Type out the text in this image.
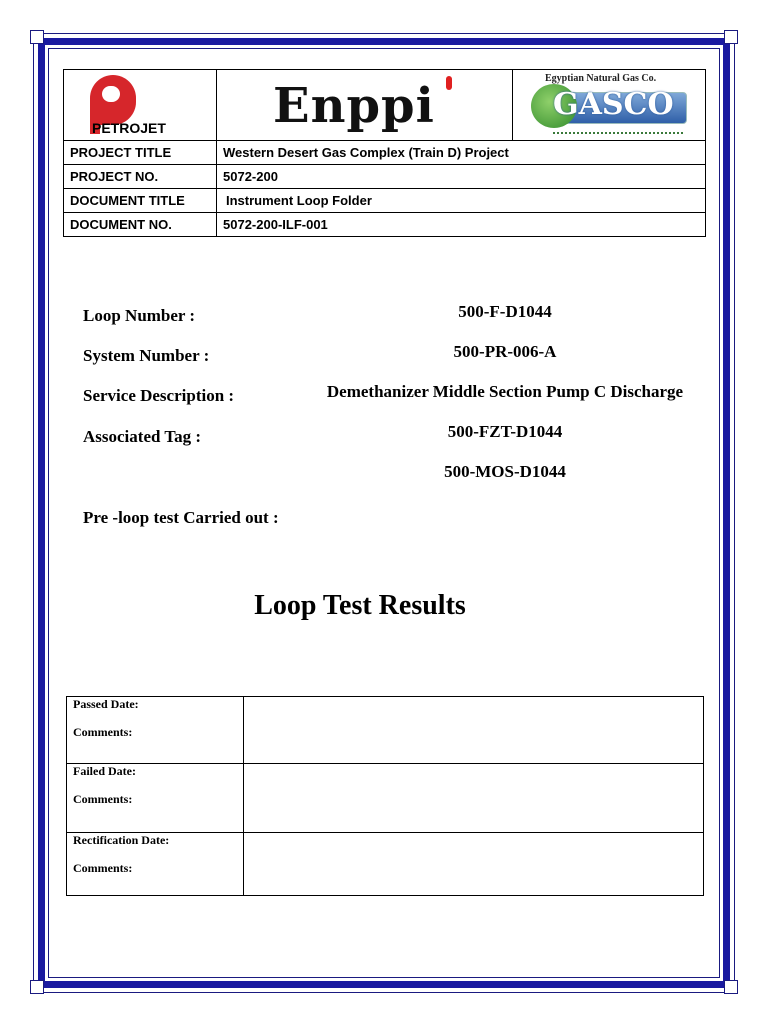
PETROJET	Enppi	Egyptian Natural Gas Co.
GASCO

PROJECT TITLE	Western Desert Gas Complex (Train D) Project	
PROJECT NO.	5072-200	
DOCUMENT TITLE	Instrument Loop Folder	
DOCUMENT NO.	5072-200-ILF-001	
Loop Number :	500-F-D1044
System Number :	500-PR-006-A
Service Description :	Demethanizer Middle Section Pump C Discharge
Associated Tag :	500-FZT-D1044
500-MOS-D1044
Pre -loop test Carried out :
Loop Test Results
Passed Date:
Comments:	

Failed Date:
Comments:	

Rectification Date:
Comments:	
